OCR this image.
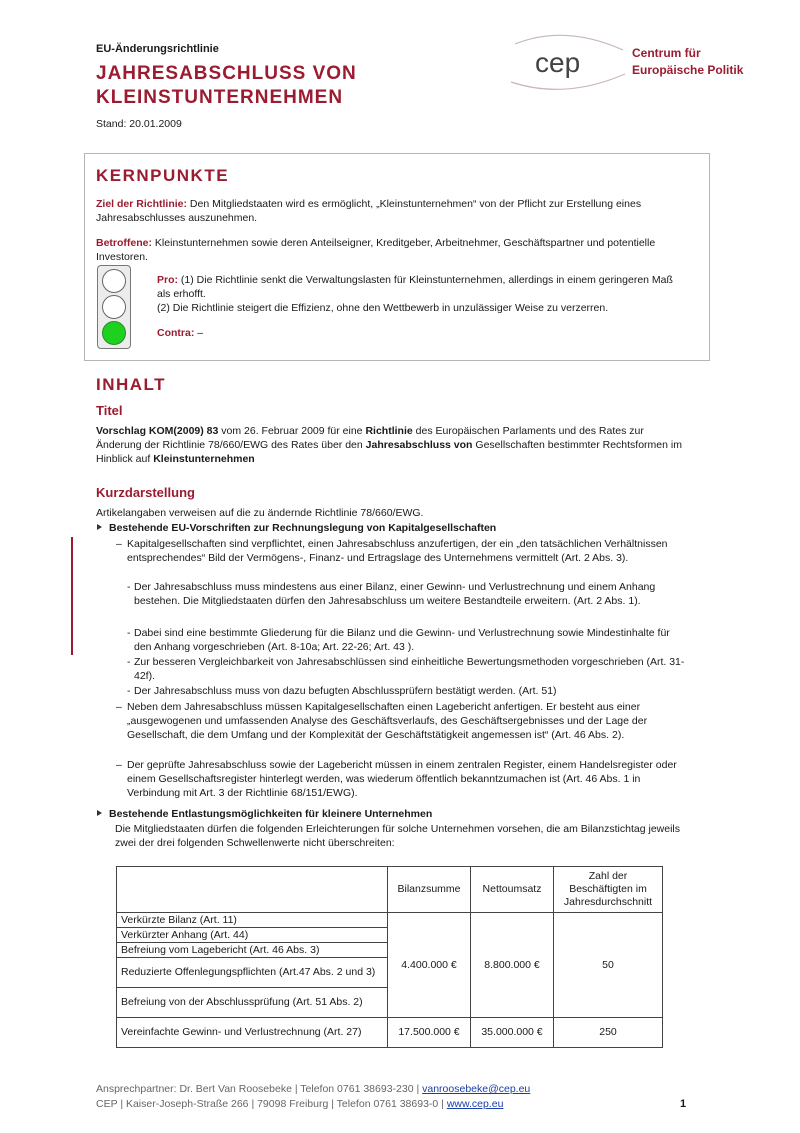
EU-Änderungsrichtlinie
JAHRESABSCHLUSS VON
KLEINSTUNTERNEHMEN
Stand: 20.01.2009
cep	Centrum für
Europäische Politik
KERNPUNKTE
Ziel der Richtlinie: Den Mitgliedstaaten wird es ermöglicht, „Kleinstunternehmen“ von der Pflicht zur Erstellung eines Jahresabschlusses auszunehmen.
Betroffene: Kleinstunternehmen sowie deren Anteilseigner, Kreditgeber, Arbeitnehmer, Geschäftspartner und potentielle Investoren.
Pro: (1) Die Richtlinie senkt die Verwaltungslasten für Kleinstunternehmen, allerdings in einem geringeren Maß als erhofft.
(2) Die Richtlinie steigert die Effizienz, ohne den Wettbewerb in unzulässiger Weise zu verzerren.
Contra: –
INHALT
Titel
Vorschlag KOM(2009) 83 vom 26. Februar 2009 für eine Richtlinie des Europäischen Parlaments und des Rates zur Änderung der Richtlinie 78/660/EWG des Rates über den Jahresabschluss von Gesellschaften bestimmter Rechtsformen im Hinblick auf Kleinstunternehmen
Kurzdarstellung
Artikelangaben verweisen auf die zu ändernde Richtlinie 78/660/EWG.
Bestehende EU-Vorschriften zur Rechnungslegung von Kapitalgesellschaften
– Kapitalgesellschaften sind verpflichtet, einen Jahresabschluss anzufertigen, der ein „den tatsächlichen Verhältnissen entsprechendes“ Bild der Vermögens-, Finanz- und Ertragslage des Unternehmens vermittelt (Art. 2 Abs. 3).
- Der Jahresabschluss muss mindestens aus einer Bilanz, einer Gewinn- und Verlustrechnung und einem Anhang bestehen. Die Mitgliedstaaten dürfen den Jahresabschluss um weitere Bestandteile erweitern. (Art. 2 Abs. 1).
- Dabei sind eine bestimmte Gliederung für die Bilanz und die Gewinn- und Verlustrechnung sowie Mindestinhalte für den Anhang vorgeschrieben (Art. 8-10a; Art. 22-26; Art. 43 ).
- Zur besseren Vergleichbarkeit von Jahresabschlüssen sind einheitliche Bewertungsmethoden vorgeschrieben (Art. 31-42f).
- Der Jahresabschluss muss von dazu befugten Abschlussprüfern bestätigt werden. (Art. 51)
– Neben dem Jahresabschluss müssen Kapitalgesellschaften einen Lagebericht anfertigen. Er besteht aus einer „ausgewogenen und umfassenden Analyse des Geschäftsverlaufs, des Geschäftsergebnisses und der Lage der Gesellschaft, die dem Umfang und der Komplexität der Geschäftstätigkeit angemessen ist“ (Art. 46 Abs. 2).
– Der geprüfte Jahresabschluss sowie der Lagebericht müssen in einem zentralen Register, einem Handelsregister oder einem Gesellschaftsregister hinterlegt werden, was wiederum öffentlich bekanntzumachen ist (Art. 46 Abs. 1 in Verbindung mit Art. 3 der Richtlinie 68/151/EWG).
Bestehende Entlastungsmöglichkeiten für kleinere Unternehmen
Die Mitgliedstaaten dürfen die folgenden Erleichterungen für solche Unternehmen vorsehen, die am Bilanzstichtag jeweils zwei der drei folgenden Schwellenwerte nicht überschreiten:
	Bilanzsumme	Nettoumsatz	Zahl der Beschäftigten im Jahresdurchschnitt
Verkürzte Bilanz (Art. 11)	4.400.000 €	8.800.000 €	50
Verkürzter Anhang (Art. 44)			
Befreiung vom Lagebericht (Art. 46 Abs. 3)			
Reduzierte Offenlegungspflichten (Art.47 Abs. 2 und 3)			
Befreiung von der Abschlussprüfung (Art. 51 Abs. 2)			
Vereinfachte Gewinn- und Verlustrechnung (Art. 27)	17.500.000 €	35.000.000 €	250
Ansprechpartner: Dr. Bert Van Roosebeke | Telefon 0761 38693-230 | vanroosebeke@cep.eu
CEP | Kaiser-Joseph-Straße 266 | 79098 Freiburg | Telefon 0761 38693-0 | www.cep.eu	1
